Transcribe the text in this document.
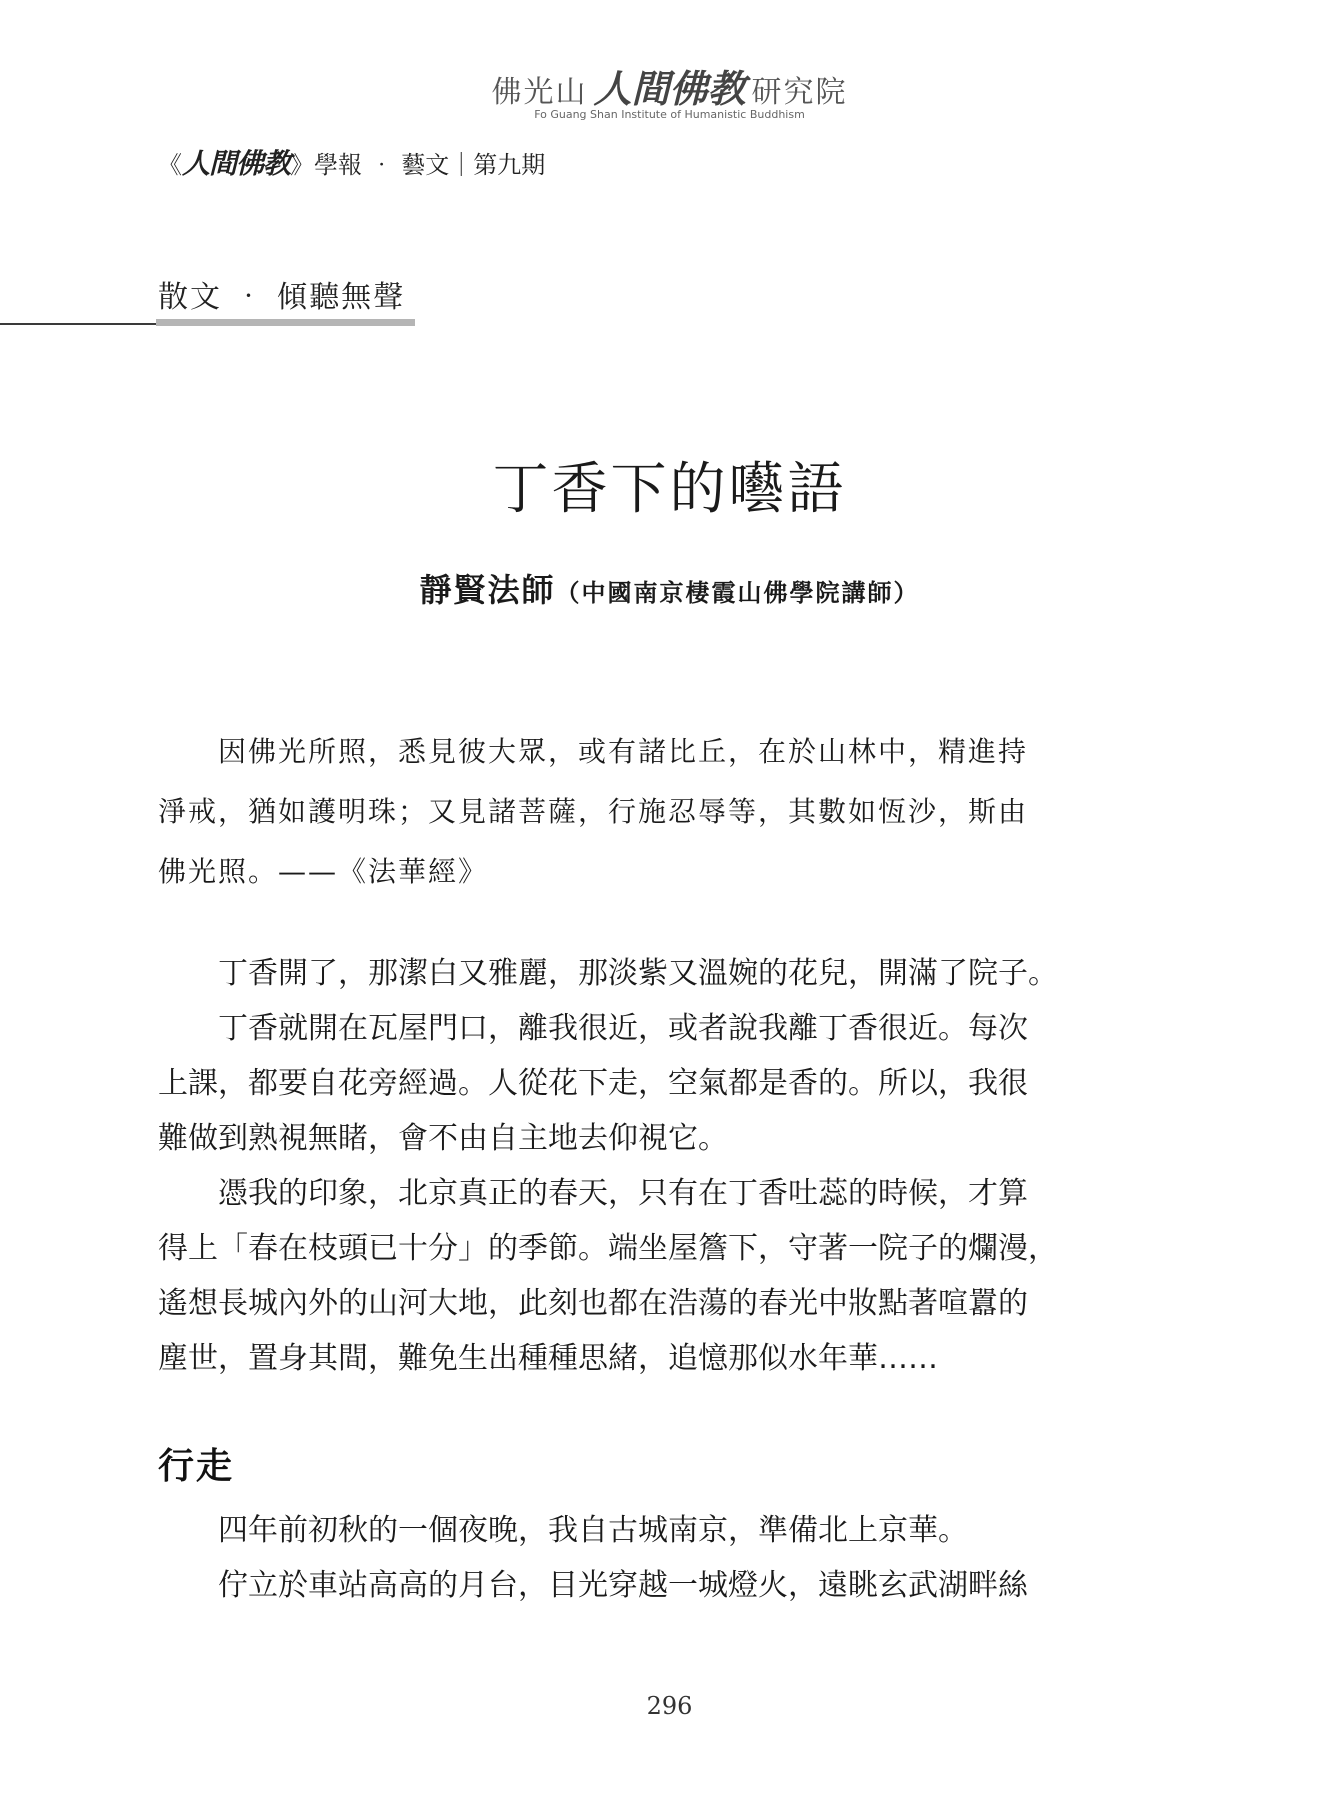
佛光山 人間佛教 研究院
Fo Guang Shan Institute of Humanistic Buddhism
《人間佛教》學報 ‧ 藝文｜第九期
散文 ‧ 傾聽無聲
丁香下的囈語
靜賢法師（中國南京棲霞山佛學院講師）
　　因佛光所照，悉見彼大眾，或有諸比丘，在於山林中，精進持
淨戒，猶如護明珠；又見諸菩薩，行施忍辱等，其數如恆沙，斯由
佛光照。——《法華經》
　　丁香開了，那潔白又雅麗，那淡紫又溫婉的花兒，開滿了院子。
　　丁香就開在瓦屋門口，離我很近，或者說我離丁香很近。每次
上課，都要自花旁經過。人從花下走，空氣都是香的。所以，我很
難做到熟視無睹，會不由自主地去仰視它。
　　憑我的印象，北京真正的春天，只有在丁香吐蕊的時候，才算
得上「春在枝頭已十分」的季節。端坐屋簷下，守著一院子的爛漫，
遙想長城內外的山河大地，此刻也都在浩蕩的春光中妝點著喧囂的
塵世，置身其間，難免生出種種思緒，追憶那似水年華……
行走
　　四年前初秋的一個夜晚，我自古城南京，準備北上京華。
　　佇立於車站高高的月台，目光穿越一城燈火，遠眺玄武湖畔絲
296
